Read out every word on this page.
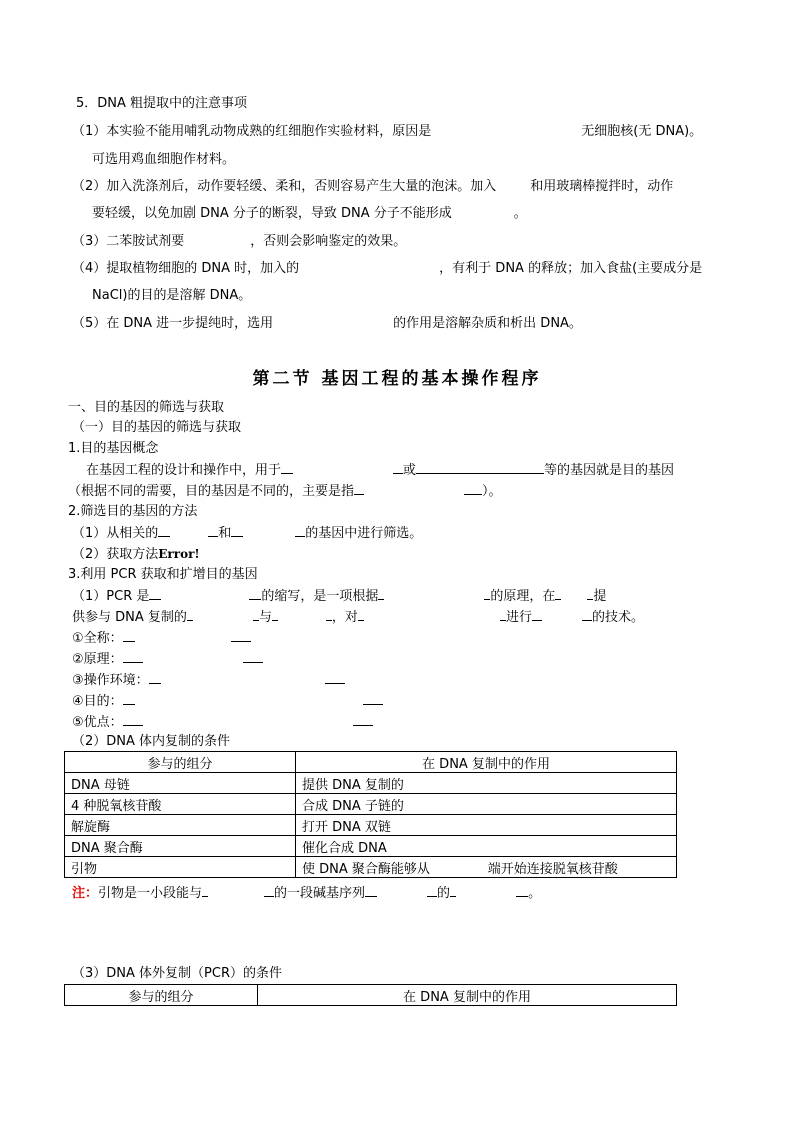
5．DNA 粗提取中的注意事项
（1）本实验不能用哺乳动物成熟的红细胞作实验材料，原因是	无细胞核(无 DNA)。
可选用鸡血细胞作材料。
（2）加入洗涤剂后，动作要轻缓、柔和，否则容易产生大量的泡沫。加入	和用玻璃棒搅拌时，动作
要轻缓，以免加剧 DNA 分子的断裂，导致 DNA 分子不能形成	。
（3）二苯胺试剂要	，否则会影响鉴定的效果。
（4）提取植物细胞的 DNA 时，加入的	，有利于 DNA 的释放；加入食盐(主要成分是
NaCl)的目的是溶解 DNA。
（5）在 DNA 进一步提纯时，选用	的作用是溶解杂质和析出 DNA。
第二节 基因工程的基本操作程序
一、目的基因的筛选与获取
（一）目的基因的筛选与获取
1.目的基因概念
在基因工程的设计和操作中，用于	或	等的基因就是目的基因
（根据不同的需要，目的基因是不同的，主要是指	）。
2.筛选目的基因的方法
（1）从相关的	和	的基因中进行筛选。
（2）获取方法Error!
3.利用 PCR 获取和扩增目的基因
（1）PCR 是	的缩写，是一项根据	的原理，在	提
供参与 DNA 复制的	与	，对	进行	的技术。
①全称：
②原理：
③操作环境：
④目的：
⑤优点：
（2）DNA 体内复制的条件
参与的组分	在 DNA 复制中的作用
DNA 母链	提供 DNA 复制的
4 种脱氧核苷酸	合成 DNA 子链的
解旋酶	打开 DNA 双链
DNA 聚合酶	催化合成 DNA
引物	使 DNA 聚合酶能够从              端开始连接脱氧核苷酸
注：引物是一小段能与	的一段碱基序列	的	。
（3）DNA 体外复制（PCR）的条件
参与的组分	在 DNA 复制中的作用
